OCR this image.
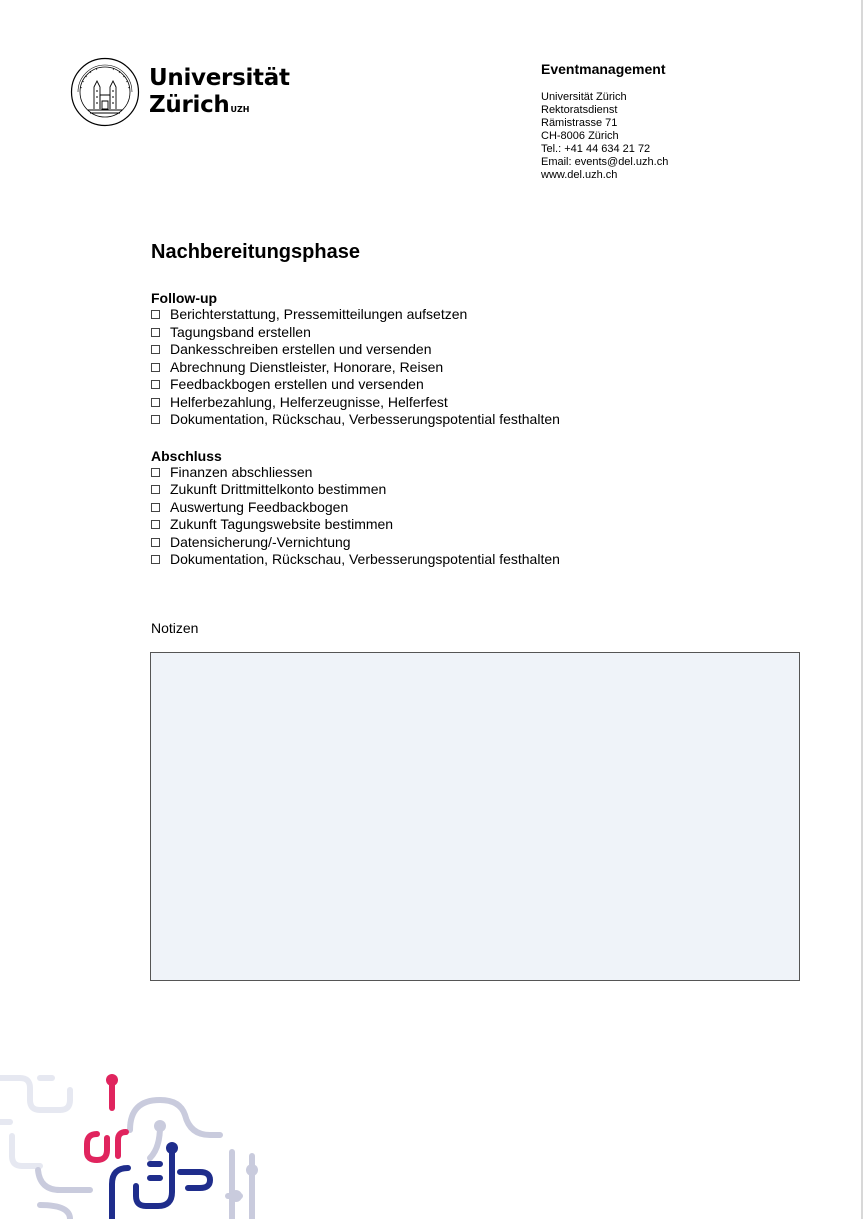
Universität
Zürich$^{UZH}$
Eventmanagement
Universität Zürich
Rektoratsdienst
Rämistrasse 71
CH-8006 Zürich
Tel.: +41 44 634 21 72
Email: events@del.uzh.ch
www.del.uzh.ch
Nachbereitungsphase
Follow-up
Berichterstattung, Pressemitteilungen aufsetzen
Tagungsband erstellen
Dankesschreiben erstellen und versenden
Abrechnung Dienstleister, Honorare, Reisen
Feedbackbogen erstellen und versenden
Helferbezahlung, Helferzeugnisse, Helferfest
Dokumentation, Rückschau, Verbesserungspotential festhalten
Abschluss
Finanzen abschliessen
Zukunft Drittmittelkonto bestimmen
Auswertung Feedbackbogen
Zukunft Tagungswebsite bestimmen
Datensicherung/-Vernichtung
Dokumentation, Rückschau, Verbesserungspotential festhalten
Notizen
